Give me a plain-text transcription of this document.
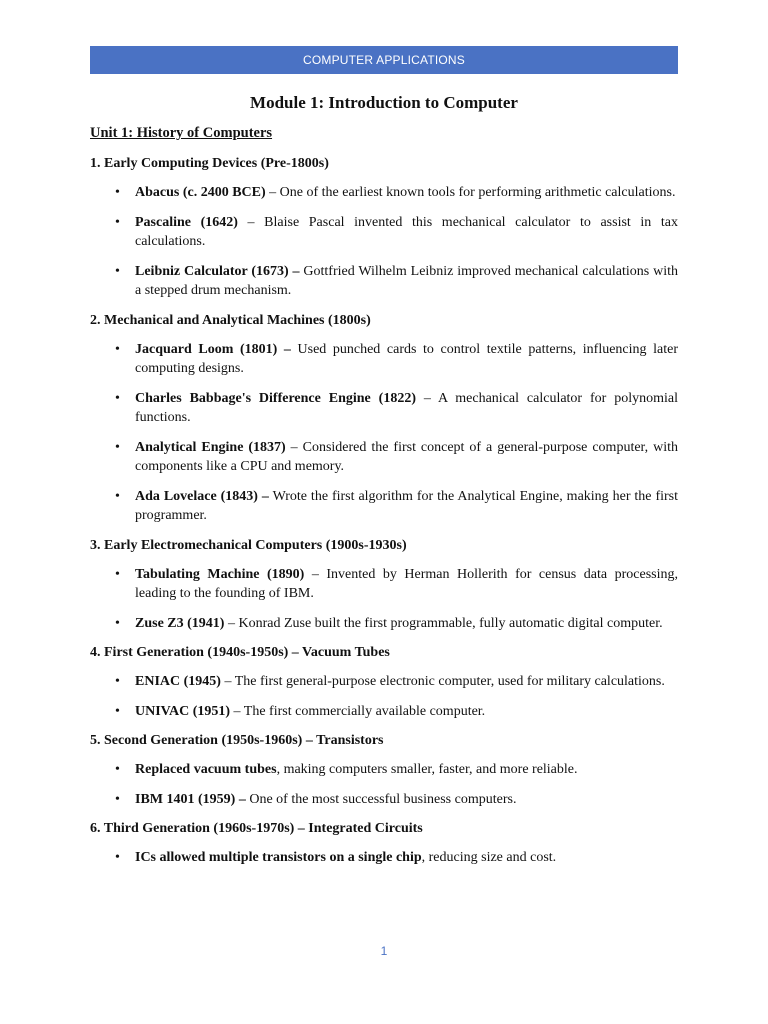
COMPUTER APPLICATIONS
Module 1: Introduction to Computer
Unit 1: History of Computers

1. Early Computing Devices (Pre-1800s)

• Abacus (c. 2400 BCE) – One of the earliest known tools for performing arithmetic calculations.
• Pascaline (1642) – Blaise Pascal invented this mechanical calculator to assist in tax calculations.
• Leibniz Calculator (1673) – Gottfried Wilhelm Leibniz improved mechanical calculations with a stepped drum mechanism.

2. Mechanical and Analytical Machines (1800s)

• Jacquard Loom (1801) – Used punched cards to control textile patterns, influencing later computing designs.
• Charles Babbage's Difference Engine (1822) – A mechanical calculator for polynomial functions.
• Analytical Engine (1837) – Considered the first concept of a general-purpose computer, with components like a CPU and memory.
• Ada Lovelace (1843) – Wrote the first algorithm for the Analytical Engine, making her the first programmer.

3. Early Electromechanical Computers (1900s-1930s)

• Tabulating Machine (1890) – Invented by Herman Hollerith for census data processing, leading to the founding of IBM.
• Zuse Z3 (1941) – Konrad Zuse built the first programmable, fully automatic digital computer.

4. First Generation (1940s-1950s) – Vacuum Tubes

• ENIAC (1945) – The first general-purpose electronic computer, used for military calculations.
• UNIVAC (1951) – The first commercially available computer.

5. Second Generation (1950s-1960s) – Transistors

• Replaced vacuum tubes, making computers smaller, faster, and more reliable.
• IBM 1401 (1959) – One of the most successful business computers.

6. Third Generation (1960s-1970s) – Integrated Circuits

• ICs allowed multiple transistors on a single chip, reducing size and cost.
1
